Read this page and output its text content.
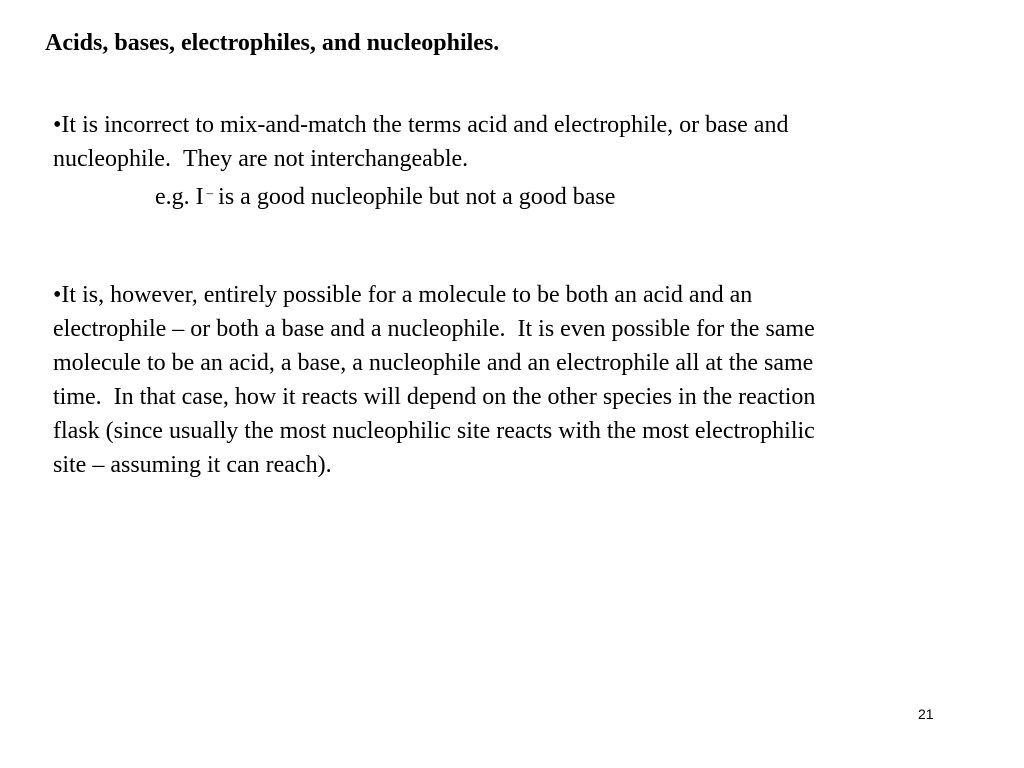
Acids, bases, electrophiles, and nucleophiles.
•It is incorrect to mix-and-match the terms acid and electrophile, or base and
nucleophile.  They are not interchangeable.
e.g. I – is a good nucleophile but not a good base
•It is, however, entirely possible for a molecule to be both an acid and an
electrophile – or both a base and a nucleophile.  It is even possible for the same
molecule to be an acid, a base, a nucleophile and an electrophile all at the same
time.  In that case, how it reacts will depend on the other species in the reaction
flask (since usually the most nucleophilic site reacts with the most electrophilic
site – assuming it can reach).
21
